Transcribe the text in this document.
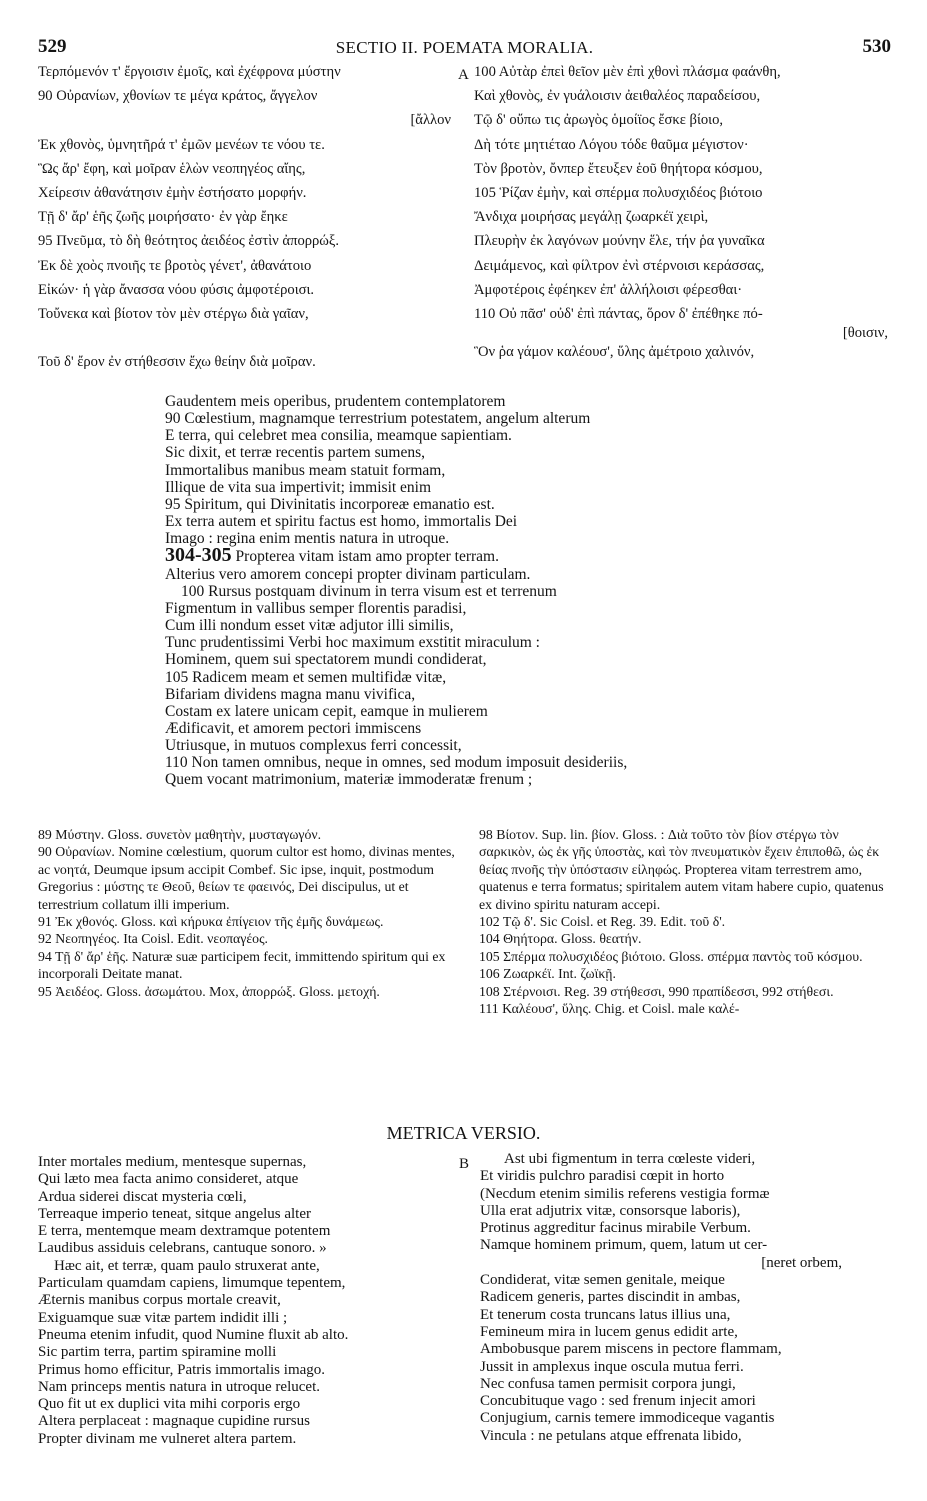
529	SECTIO II. POEMATA MORALIA.	530
A
Τερπόμενόν τ' ἔργοισιν ἐμοῖς, καὶ ἐχέφρονα μύστην
90 Οὐρανίων, χθονίων τε μέγα κράτος, ἄγγελον
[ἄλλον
Ἐκ χθονὸς, ὑμνητῆρά τ' ἐμῶν μενέων τε νόου τε.
Ὣς ἄρ' ἔφη, καὶ μοῖραν ἑλὼν νεοπηγέος αἴης,
Χείρεσιν ἀθανάτησιν ἐμὴν ἐστήσατο μορφήν.
Τῇ δ' ἄρ' ἑῆς ζωῆς μοιρήσατο· ἐν γὰρ ἔηκε
95 Πνεῦμα, τὸ δὴ θεότητος ἀειδέος ἐστὶν ἀπορρώξ.
Ἐκ δὲ χοὸς πνοιῆς τε βροτὸς γένετ', ἀθανάτοιο
Εἰκών· ἡ γὰρ ἄνασσα νόου φύσις ἀμφοτέροισι.
Τοὔνεκα καὶ βίοτον τὸν μὲν στέργω διὰ γαῖαν,

Τοῦ δ' ἔρον ἐν στήθεσσιν ἔχω θείην διὰ μοῖραν.
100 Αὐτὰρ ἐπεὶ θεῖον μὲν ἐπὶ χθονὶ πλάσμα φαάνθη,
Καὶ χθονὸς, ἐν γυάλοισιν ἀειθαλέος παραδείσου,
Τῷ δ' οὔπω τις ἀρωγὸς ὁμοίϊος ἔσκε βίοιο,
Δὴ τότε μητιέταο Λόγου τόδε θαῦμα μέγιστον·
Τὸν βροτὸν, ὄνπερ ἔτευξεν ἑοῦ θηήτορα κόσμου,
105 Ῥίζαν ἐμὴν, καὶ σπέρμα πολυσχιδέος βιότοιο
Ἄνδιχα μοιρήσας μεγάλῃ ζωαρκέϊ χειρὶ,
Πλευρὴν ἐκ λαγόνων μούνην ἕλε, τήν ῥα γυναῖκα
Δειμάμενος, καὶ φίλτρον ἐνὶ στέρνοισι κεράσσας,
Ἀμφοτέροις ἐφέηκεν ἐπ' ἀλλήλοισι φέρεσθαι·
110 Οὐ πᾶσ' οὐδ' ἐπὶ πάντας, ὅρον δ' ἐπέθηκε πό-
[θοισιν,
Ὃν ῥα γάμον καλέουσ', ὕλης ἀμέτροιο χαλινόν,
Gaudentem meis operibus, prudentem contemplatorem
90 Cœlestium, magnamque terrestrium potestatem, angelum alterum
E terra, qui celebret mea consilia, meamque sapientiam.
Sic dixit, et terræ recentis partem sumens,
Immortalibus manibus meam statuit formam,
Illique de vita sua impertivit; immisit enim
95 Spiritum, qui Divinitatis incorporeæ emanatio est.
Ex terra autem et spiritu factus est homo, immortalis Dei
Imago : regina enim mentis natura in utroque.
304-305 Propterea vitam istam amo propter terram.
Alterius vero amorem concepi propter divinam particulam.
100 Rursus postquam divinum in terra visum est et terrenum
Figmentum in vallibus semper florentis paradisi,
Cum illi nondum esset vitæ adjutor illi similis,
Tunc prudentissimi Verbi hoc maximum exstitit miraculum :
Hominem, quem sui spectatorem mundi condiderat,
105 Radicem meam et semen multifidæ vitæ,
Bifariam dividens magna manu vivifica,
Costam ex latere unicam cepit, eamque in mulierem
Ædificavit, et amorem pectori immiscens
Utriusque, in mutuos complexus ferri concessit,
110 Non tamen omnibus, neque in omnes, sed modum imposuit desideriis,
Quem vocant matrimonium, materiæ immoderatæ frenum ;

89 Μύστην. Gloss. συνετὸν μαθητὴν, μυσταγωγόν.

90 Οὐρανίων. Nomine cœlestium, quorum cultor est homo, divinas mentes, ac νοητά, Deumque ipsum accipit Combef. Sic ipse, inquit, postmodum Gregorius : μύστης τε Θεοῦ, θείων τε φαεινός, Dei discipulus, ut et terrestrium collatum illi imperium.

91 Ἐκ χθονός. Gloss. καὶ κήρυκα ἐπίγειον τῆς ἐμῆς δυνάμεως.

92 Νεοπηγέος. Ita Coisl. Edit. νεοπαγέος.

94 Τῇ δ' ἄρ' ἑῆς. Naturæ suæ participem fecit, immittendo spiritum qui ex incorporali Deitate manat.

95 Ἀειδέος. Gloss. ἀσωμάτου. Mox, ἀπορρώξ. Gloss. μετοχή.

98 Βίοτον. Sup. lin. βίον. Gloss. : Διὰ τοῦτο τὸν βίον στέργω τὸν σαρκικὸν, ὡς ἐκ γῆς ὑποστὰς, καὶ τὸν πνευματικὸν ἔχειν ἐπιποθῶ, ὡς ἐκ θείας πνοῆς τὴν ὑπόστασιν εἰληφώς. Propterea vitam terrestrem amo, quatenus e terra formatus; spiritalem autem vitam habere cupio, quatenus ex divino spiritu naturam accepi.

102 Τῷ δ'. Sic Coisl. et Reg. 39. Edit. τοῦ δ'.

104 Θηήτορα. Gloss. θεατήν.

105 Σπέρμα πολυσχιδέος βιότοιο. Gloss. σπέρμα παντὸς τοῦ κόσμου.

106 Ζωαρκέϊ. Int. ζωϊκῇ.

108 Στέρνοισι. Reg. 39 στήθεσσι, 990 πραπίδεσσι, 992 στήθεσι.

111 Καλέουσ', ὕλης. Chig. et Coisl. male καλέ-

METRICA VERSIO.
B
Inter mortales medium, mentesque supernas,
Qui læto mea facta animo consideret, atque
Ardua siderei discat mysteria cœli,
Terreaque imperio teneat, sitque angelus alter
E terra, mentemque meam dextramque potentem
Laudibus assiduis celebrans, cantuque sonoro. »
Hæc ait, et terræ, quam paulo struxerat ante,
Particulam quamdam capiens, limumque tepentem,
Æternis manibus corpus mortale creavit,
Exiguamque suæ vitæ partem indidit illi ;
Pneuma etenim infudit, quod Numine fluxit ab alto.
Sic partim terra, partim spiramine molli
Primus homo efficitur, Patris immortalis imago.
Nam princeps mentis natura in utroque relucet.
Quo fit ut ex duplici vita mihi corporis ergo
Altera perplaceat : magnaque cupidine rursus
Propter divinam me vulneret altera partem.
Ast ubi figmentum in terra cœleste videri,
Et viridis pulchro paradisi cœpit in horto
(Necdum etenim similis referens vestigia formæ
Ulla erat adjutrix vitæ, consorsque laboris),
Protinus aggreditur facinus mirabile Verbum.
Namque hominem primum, quem, latum ut cer-
[neret orbem,
Condiderat, vitæ semen genitale, meique
Radicem generis, partes discindit in ambas,
Et tenerum costa truncans latus illius una,
Femineum mira in lucem genus edidit arte,
Ambobusque parem miscens in pectore flammam,
Jussit in amplexus inque oscula mutua ferri.
Nec confusa tamen permisit corpora jungi,
Concubituque vago : sed frenum injecit amori
Conjugium, carnis temere immodiceque vagantis
Vincula : ne petulans atque effrenata libido,
